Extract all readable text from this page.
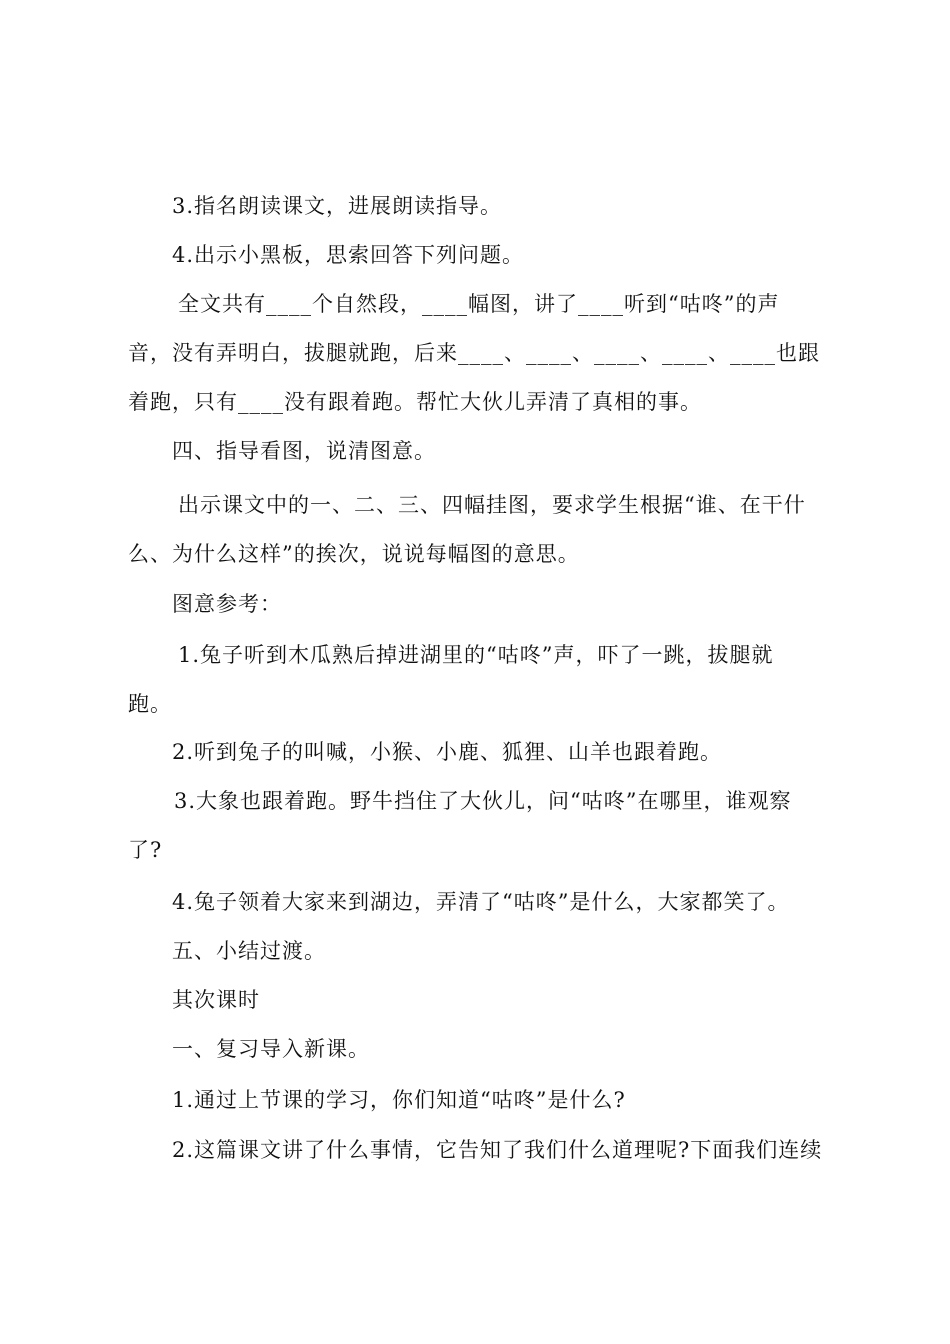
3.指名朗读课文，进展朗读指导。
4.出示小黑板，思索回答下列问题。
全文共有____个自然段，____幅图，讲了____听到“咕咚”的声
音，没有弄明白，拔腿就跑，后来____、____、____、____、____也跟
着跑，只有____没有跟着跑。帮忙大伙儿弄清了真相的事。
四、指导看图，说清图意。
出示课文中的一、二、三、四幅挂图，要求学生根据“谁、在干什
么、为什么这样”的挨次，说说每幅图的意思。
图意参考：
1.兔子听到木瓜熟后掉进湖里的“咕咚”声，吓了一跳，拔腿就
跑。
2.听到兔子的叫喊，小猴、小鹿、狐狸、山羊也跟着跑。
3.大象也跟着跑。野牛挡住了大伙儿，问“咕咚”在哪里，谁观察
了?
4.兔子领着大家来到湖边，弄清了“咕咚”是什么，大家都笑了。
五、小结过渡。
其次课时
一、复习导入新课。
1.通过上节课的学习，你们知道“咕咚”是什么?
2.这篇课文讲了什么事情，它告知了我们什么道理呢?下面我们连续
